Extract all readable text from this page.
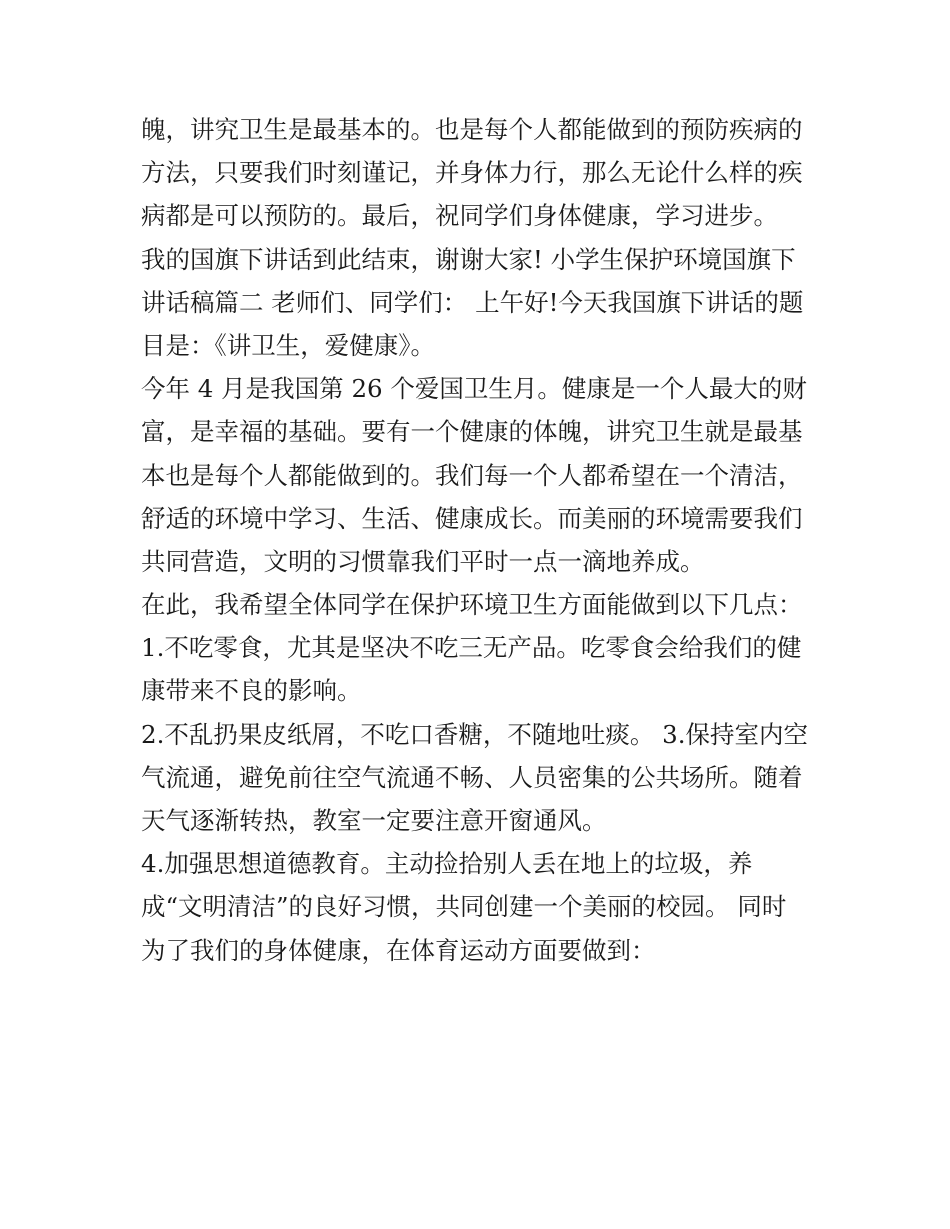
魄，讲究卫生是最基本的。也是每个人都能做到的预防疾病的
方法，只要我们时刻谨记，并身体力行，那么无论什么样的疾
病都是可以预防的。最后，祝同学们身体健康，学习进步。
我的国旗下讲话到此结束，谢谢大家! 小学生保护环境国旗下
讲话稿篇二 老师们、同学们： 上午好!今天我国旗下讲话的题
目是：《讲卫生，爱健康》。
今年 4 月是我国第 26 个爱国卫生月。健康是一个人最大的财
富，是幸福的基础。要有一个健康的体魄，讲究卫生就是最基
本也是每个人都能做到的。我们每一个人都希望在一个清洁，
舒适的环境中学习、生活、健康成长。而美丽的环境需要我们
共同营造，文明的习惯靠我们平时一点一滴地养成。
在此，我希望全体同学在保护环境卫生方面能做到以下几点：
1.不吃零食，尤其是坚决不吃三无产品。吃零食会给我们的健
康带来不良的影响。
2.不乱扔果皮纸屑，不吃口香糖，不随地吐痰。 3.保持室内空
气流通，避免前往空气流通不畅、人员密集的公共场所。随着
天气逐渐转热，教室一定要注意开窗通风。
4.加强思想道德教育。主动捡拾别人丢在地上的垃圾，养
成“文明清洁”的良好习惯，共同创建一个美丽的校园。 同时
为了我们的身体健康，在体育运动方面要做到：
